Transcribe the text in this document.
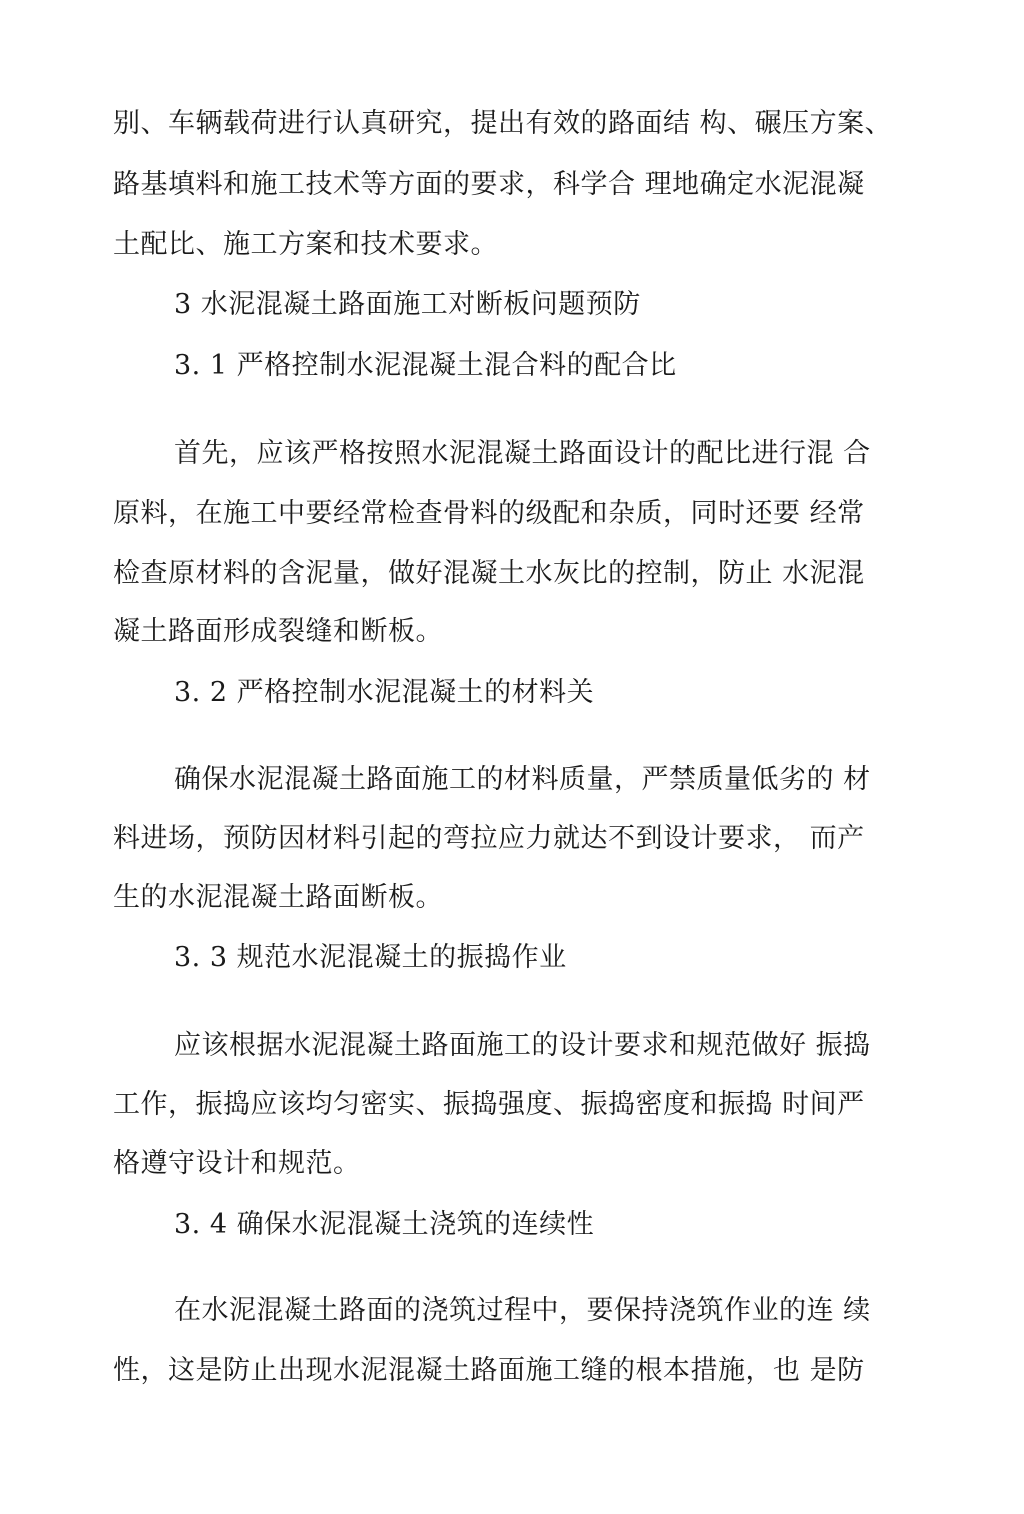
别、车辆载荷进行认真研究，提出有效的路面结 构、碾压方案、
路基填料和施工技术等方面的要求，科学合 理地确定水泥混凝
土配比、施工方案和技术要求。
3 水泥混凝土路面施工对断板问题预防
3. 1 严格控制水泥混凝土混合料的配合比
首先，应该严格按照水泥混凝土路面设计的配比进行混 合
原料，在施工中要经常检查骨料的级配和杂质，同时还要 经常
检查原材料的含泥量，做好混凝土水灰比的控制，防止 水泥混
凝土路面形成裂缝和断板。
3. 2 严格控制水泥混凝土的材料关
确保水泥混凝土路面施工的材料质量，严禁质量低劣的 材
料进场，预防因材料引起的弯拉应力就达不到设计要求， 而产
生的水泥混凝土路面断板。
3. 3 规范水泥混凝土的振捣作业
应该根据水泥混凝土路面施工的设计要求和规范做好 振捣
工作，振捣应该均匀密实、振捣强度、振捣密度和振捣 时间严
格遵守设计和规范。
3. 4 确保水泥混凝土浇筑的连续性
在水泥混凝土路面的浇筑过程中，要保持浇筑作业的连 续
性，这是防止出现水泥混凝土路面施工缝的根本措施，也 是防
